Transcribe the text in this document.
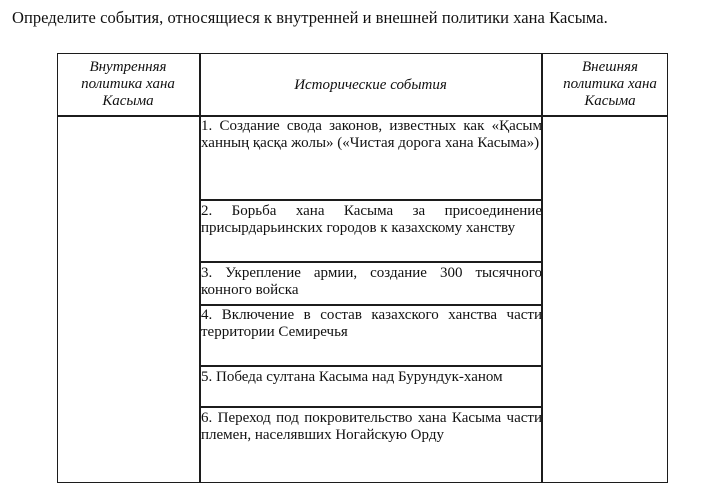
Определите события, относящиеся к внутренней и внешней политики хана Касыма.
Внутренняя политика хана Касыма
Исторические события
Внешняя политика хана Касыма
1. Создание свода законов, известных как «Қасым ханның қасқа жолы» («Чистая дорога хана Касыма»)
2. Борьба хана Касыма за присоединение присырдарьинских городов к казахскому ханству
3. Укрепление армии, создание 300 тысячного конного войска
4. Включение в состав казахского ханства части территории Семиречья
5. Победа султана Касыма над Бурундук-ханом
6. Переход под покровительство хана Касыма части племен, населявших Ногайскую Орду
